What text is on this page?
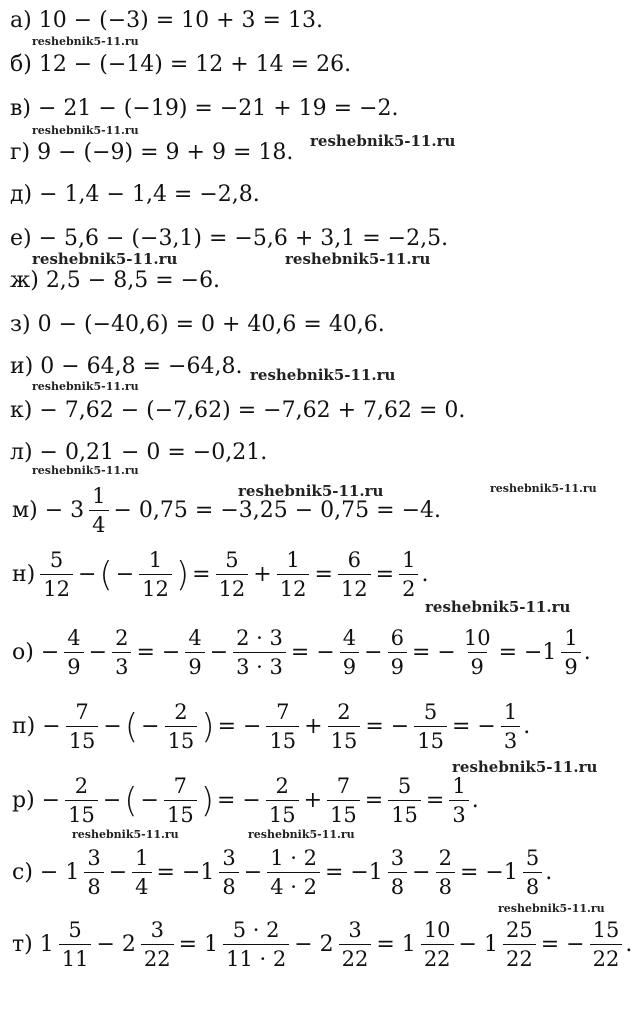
а) 10 − (−3) = 10 + 3 = 13.
б) 12 − (−14) = 12 + 14 = 26.
в) − 21 − (−19) = −21 + 19 = −2.
г) 9 − (−9) = 9 + 9 = 18.
д) − 1,4 − 1,4 = −2,8.
е) − 5,6 − (−3,1) = −5,6 + 3,1 = −2,5.
ж) 2,5 − 8,5 = −6.
з) 0 − (−40,6) = 0 + 40,6 = 40,6.
и) 0 − 64,8 = −64,8.
к) − 7,62 − (−7,62) = −7,62 + 7,62 = 0.
л) − 0,21 − 0 = −0,21.
$м) - 3 \frac{1}{4} - 0,75 = -3,25 - 0,75 = -4$.
$н) \frac{5}{12}$ − ( − $\frac{1}{12}$ ) = $\frac{5}{12} + \frac{1}{12} = \frac{6}{12} = \frac{1}{2}$ .
$о) - \frac{4}{9} - \frac{2}{3}$ = − $\frac{4}{9} - \frac{2 \cdot 3}{3 \cdot 3}$ = − $\frac{4}{9} - \frac{6}{9}$ = − $\frac{10}{9} = -1 \frac{1}{9}$ .
$п) - \frac{7}{15}$ − ( − $\frac{2}{15}$ ) = − $\frac{7}{15} + \frac{2}{15}$ = − $\frac{5}{15}$ = − $\frac{1}{3}$ .
$р) - \frac{2}{15}$ − ( − $\frac{7}{15}$ ) = − $\frac{2}{15} + \frac{7}{15} = \frac{5}{15} = \frac{1}{3}$ .
$с) - 1 \frac{3}{8} - \frac{1}{4} = -1 \frac{3}{8} - \frac{1 \cdot 2}{4 \cdot 2} = -1 \frac{3}{8} - \frac{2}{8} = -1 \frac{5}{8}$ .
т) $1 \frac{5}{11} - 2 \frac{3}{22} = 1 \frac{5 \cdot 2}{11 \cdot 2} - 2 \frac{3}{22} = 1 \frac{10}{22} - 1 \frac{25}{22}$ = − $\frac{15}{22}$ .
reshebnik5-11.ru
reshebnik5-11.ru
reshebnik5-11.ru
reshebnik5-11.ru	reshebnik5-11.ru
reshebnik5-11.ru
reshebnik5-11.ru
reshebnik5-11.ru
reshebnik5-11.ru	reshebnik5-11.ru
reshebnik5-11.ru
reshebnik5-11.ru
reshebnik5-11.ru	reshebnik5-11.ru
reshebnik5-11.ru
